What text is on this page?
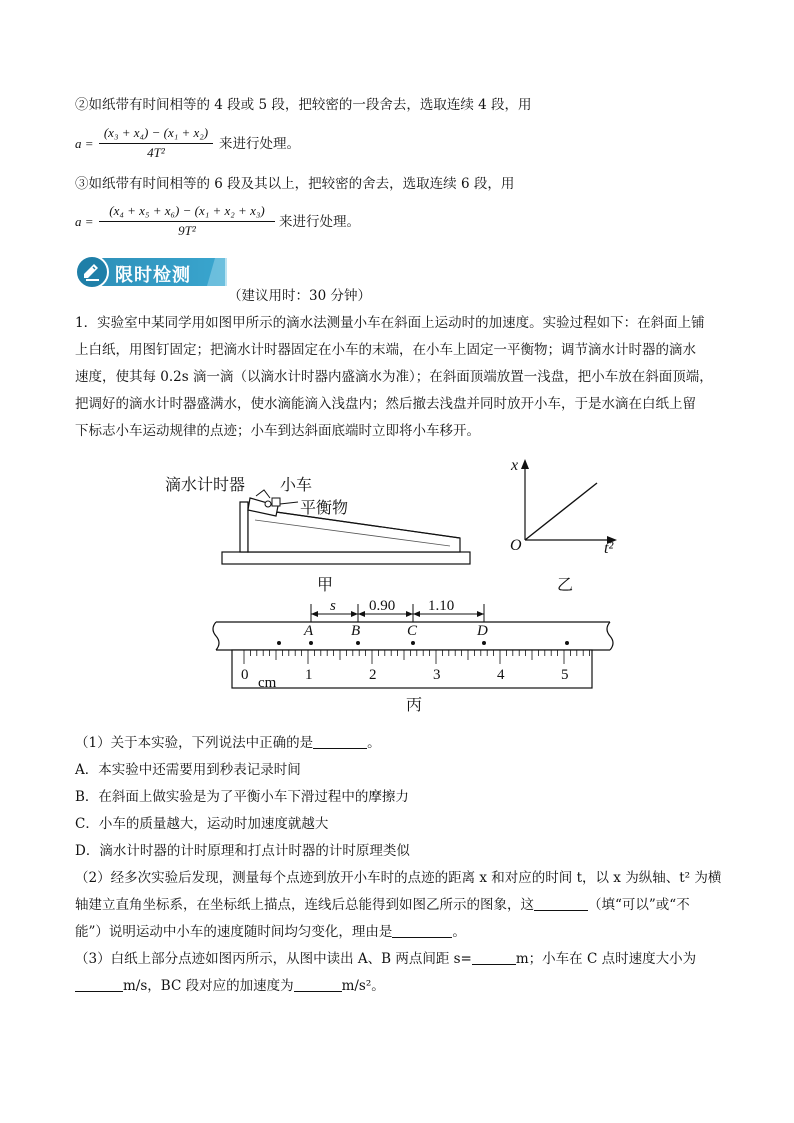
②如纸带有时间相等的 4 段或 5 段，把较密的一段舍去，选取连续 4 段，用
a =
(x₃ + x₄) − (x₁ + x₂)
4T²
来进行处理。
③如纸带有时间相等的 6 段及其以上，把较密的舍去，选取连续 6 段，用
a =
(x₄ + x₅ + x₆) − (x₁ + x₂ + x₃)
9T²
来进行处理。
限时检测
（建议用时：30 分钟）
1．实验室中某同学用如图甲所示的滴水法测量小车在斜面上运动时的加速度。实验过程如下：在斜面上铺
上白纸，用图钉固定；把滴水计时器固定在小车的末端，在小车上固定一平衡物；调节滴水计时器的滴水
速度，使其每 0.2s 滴一滴（以滴水计时器内盛滴水为准）；在斜面顶端放置一浅盘，把小车放在斜面顶端，
把调好的滴水计时器盛满水，使水滴能滴入浅盘内；然后撤去浅盘并同时放开小车，于是水滴在白纸上留
下标志小车运动规律的点迹；小车到达斜面底端时立即将小车移开。
滴水计时器 小车
平衡物
甲
x
t²
O
乙
s 0.90 1.10
A	B	C	D
0	1	2	3	4	5
cm
丙
（1）关于本实验，下列说法中正确的是	。
A．本实验中还需要用到秒表记录时间
B．在斜面上做实验是为了平衡小车下滑过程中的摩擦力
C．小车的质量越大，运动时加速度就越大
D．滴水计时器的计时原理和打点计时器的计时原理类似
（2）经多次实验后发现，测量每个点迹到放开小车时的点迹的距离 x 和对应的时间 t，以 x 为纵轴、t² 为横
轴建立直角坐标系，在坐标纸上描点，连线后总能得到如图乙所示的图象，这	（填“可以”或“不
能”）说明运动中小车的速度随时间均匀变化，理由是	。
（3）白纸上部分点迹如图丙所示，从图中读出 A、B 两点间距 s=	m；小车在 C 点时速度大小为
m/s，BC 段对应的加速度为	m/s²。
